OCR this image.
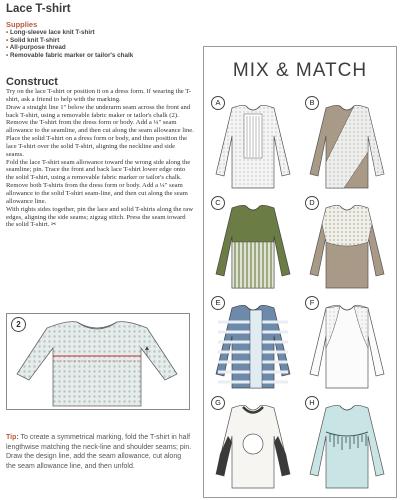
Lace T-shirt
Supplies
• Long-sleeve lace knit T-shirt
• Solid knit T-shirt
• All-purpose thread
• Removable fabric marker or tailor's chalk
Construct

Try on the lace T-shirt or position it on a dress form. If wearing the T-shirt, ask a friend to help with the marking.

Draw a straight line 1" below the underarm seam across the front and back T-shirt, using a removable fabric maker or tailor's chalk (2).

Remove the T-shirt from the dress form or body. Add a ¼" seam allowance to the seamline, and then cut along the seam allowance line.

Place the solid T-shirt on a dress form or body, and then position the lace T-shirt over the solid T-shirt, aligning the neckline and side seams.

Fold the lace T-shirt seam allowance toward the wrong side along the seamline; pin. Trace the front and back lace T-shirt lower edge onto the solid T-shirt, using a removable fabric marker or tailor's chalk. Remove both T-shirts from the dress form or body. Add a ¼" seam allowance to the solid T-shirt seam-line, and then cut along the seam allowance line.

With rights sides together, pin the lace and solid T-shirts along the raw edges, aligning the side seams; zigzag stitch. Press the seam toward the solid T-shirt. ✂

2
Tip: To create a symmetrical marking, fold the T-shirt in half lengthwise matching the neck-line and shoulder seams; pin. Draw the design line, add the seam allowance, cut along the seam allowance line, and then unfold.
MIX & MATCH
A	B
C	D
E	F
G	H
